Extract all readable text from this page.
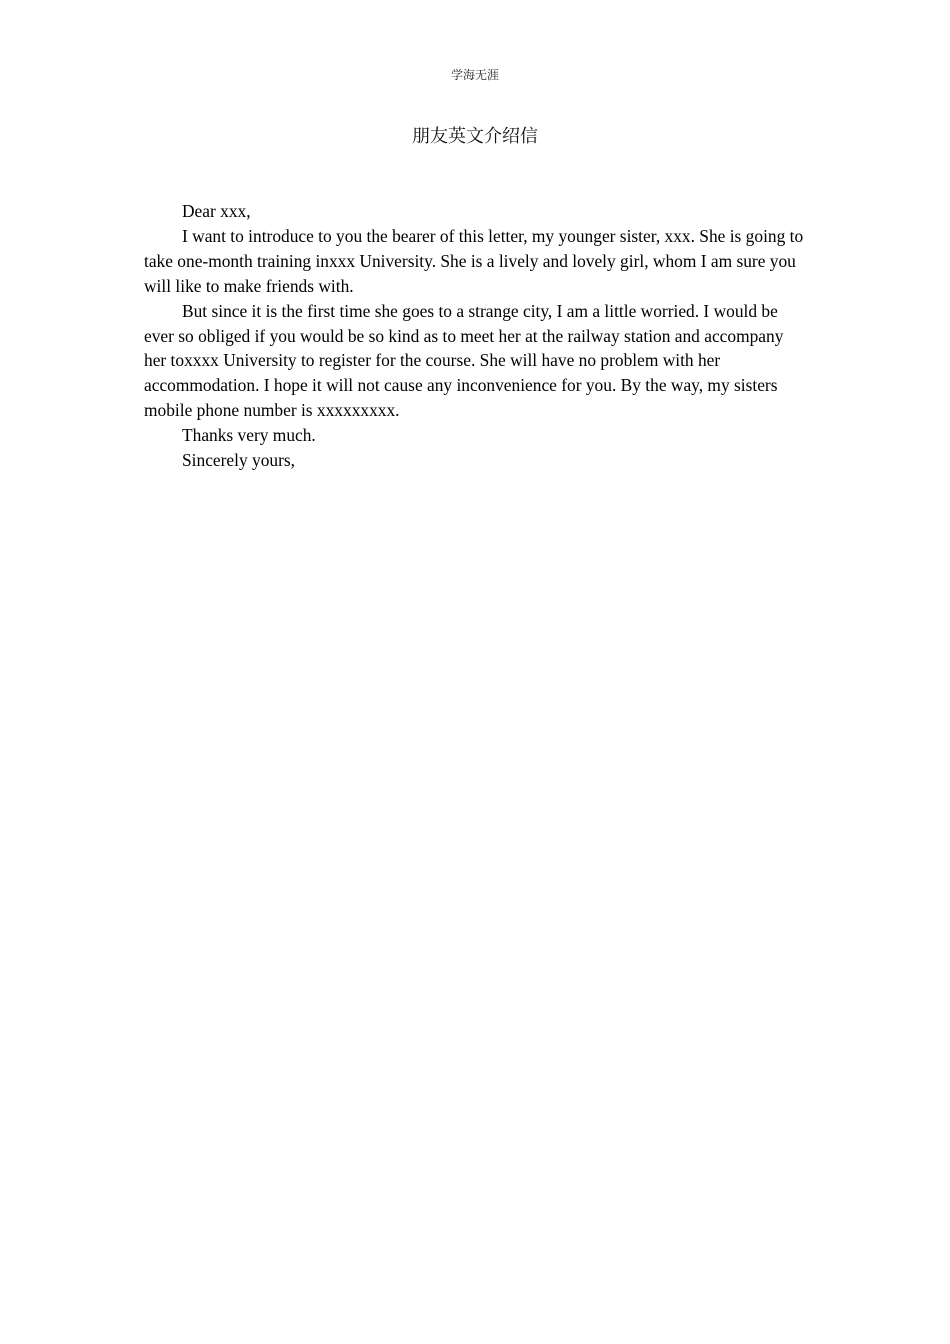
学海无涯
朋友英文介绍信

Dear xxx,

I want to introduce to you the bearer of this letter, my younger sister, xxx. She is going to take one-month training inxxx University. She is a lively and lovely girl, whom I am sure you will like to make friends with.

But since it is the first time she goes to a strange city, I am a little worried. I would be ever so obliged if you would be so kind as to meet her at the railway station and accompany her toxxxx University to register for the course. She will have no problem with her accommodation. I hope it will not cause any inconvenience for you. By the way, my sisters mobile phone number is xxxxxxxxx.

Thanks very much.

Sincerely yours,
